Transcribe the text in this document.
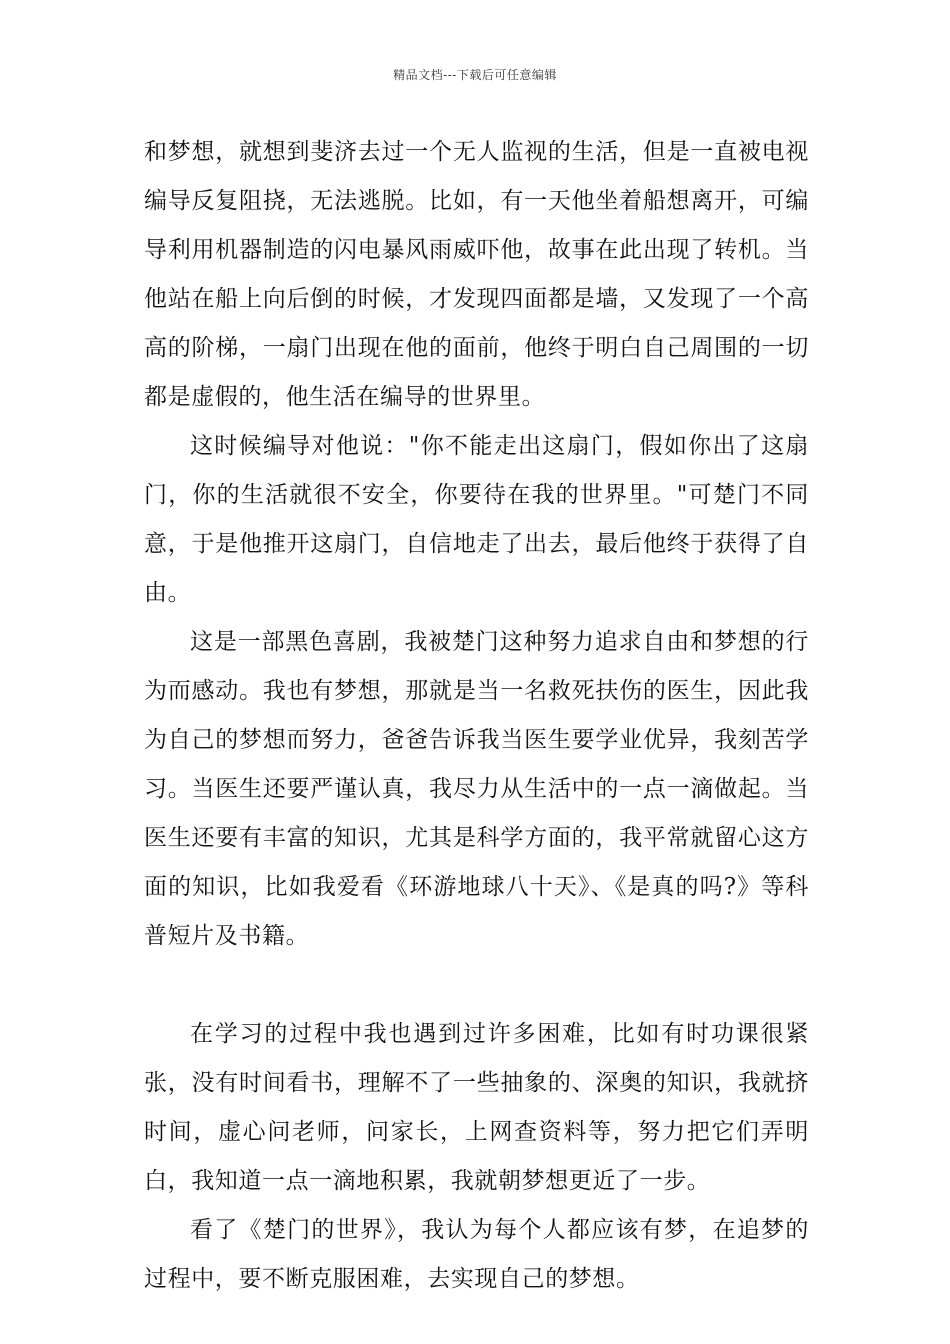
精品文档---下载后可任意编辑

和梦想，就想到斐济去过一个无人监视的生活，但是一直被电视编导反复阻挠，无法逃脱。比如，有一天他坐着船想离开，可编导利用机器制造的闪电暴风雨威吓他，故事在此出现了转机。当他站在船上向后倒的时候，才发现四面都是墙，又发现了一个高高的阶梯，一扇门出现在他的面前，他终于明白自己周围的一切都是虚假的，他生活在编导的世界里。

这时候编导对他说："你不能走出这扇门，假如你出了这扇门，你的生活就很不安全，你要待在我的世界里。"可楚门不同意，于是他推开这扇门，自信地走了出去，最后他终于获得了自由。

这是一部黑色喜剧，我被楚门这种努力追求自由和梦想的行为而感动。我也有梦想，那就是当一名救死扶伤的医生，因此我为自己的梦想而努力，爸爸告诉我当医生要学业优异，我刻苦学习。当医生还要严谨认真，我尽力从生活中的一点一滴做起。当医生还要有丰富的知识，尤其是科学方面的，我平常就留心这方面的知识，比如我爱看《环游地球八十天》、《是真的吗?》等科普短片及书籍。

在学习的过程中我也遇到过许多困难，比如有时功课很紧张，没有时间看书，理解不了一些抽象的、深奥的知识，我就挤时间，虚心问老师，问家长，上网查资料等，努力把它们弄明白，我知道一点一滴地积累，我就朝梦想更近了一步。

看了《楚门的世界》，我认为每个人都应该有梦，在追梦的过程中，要不断克服困难，去实现自己的梦想。
